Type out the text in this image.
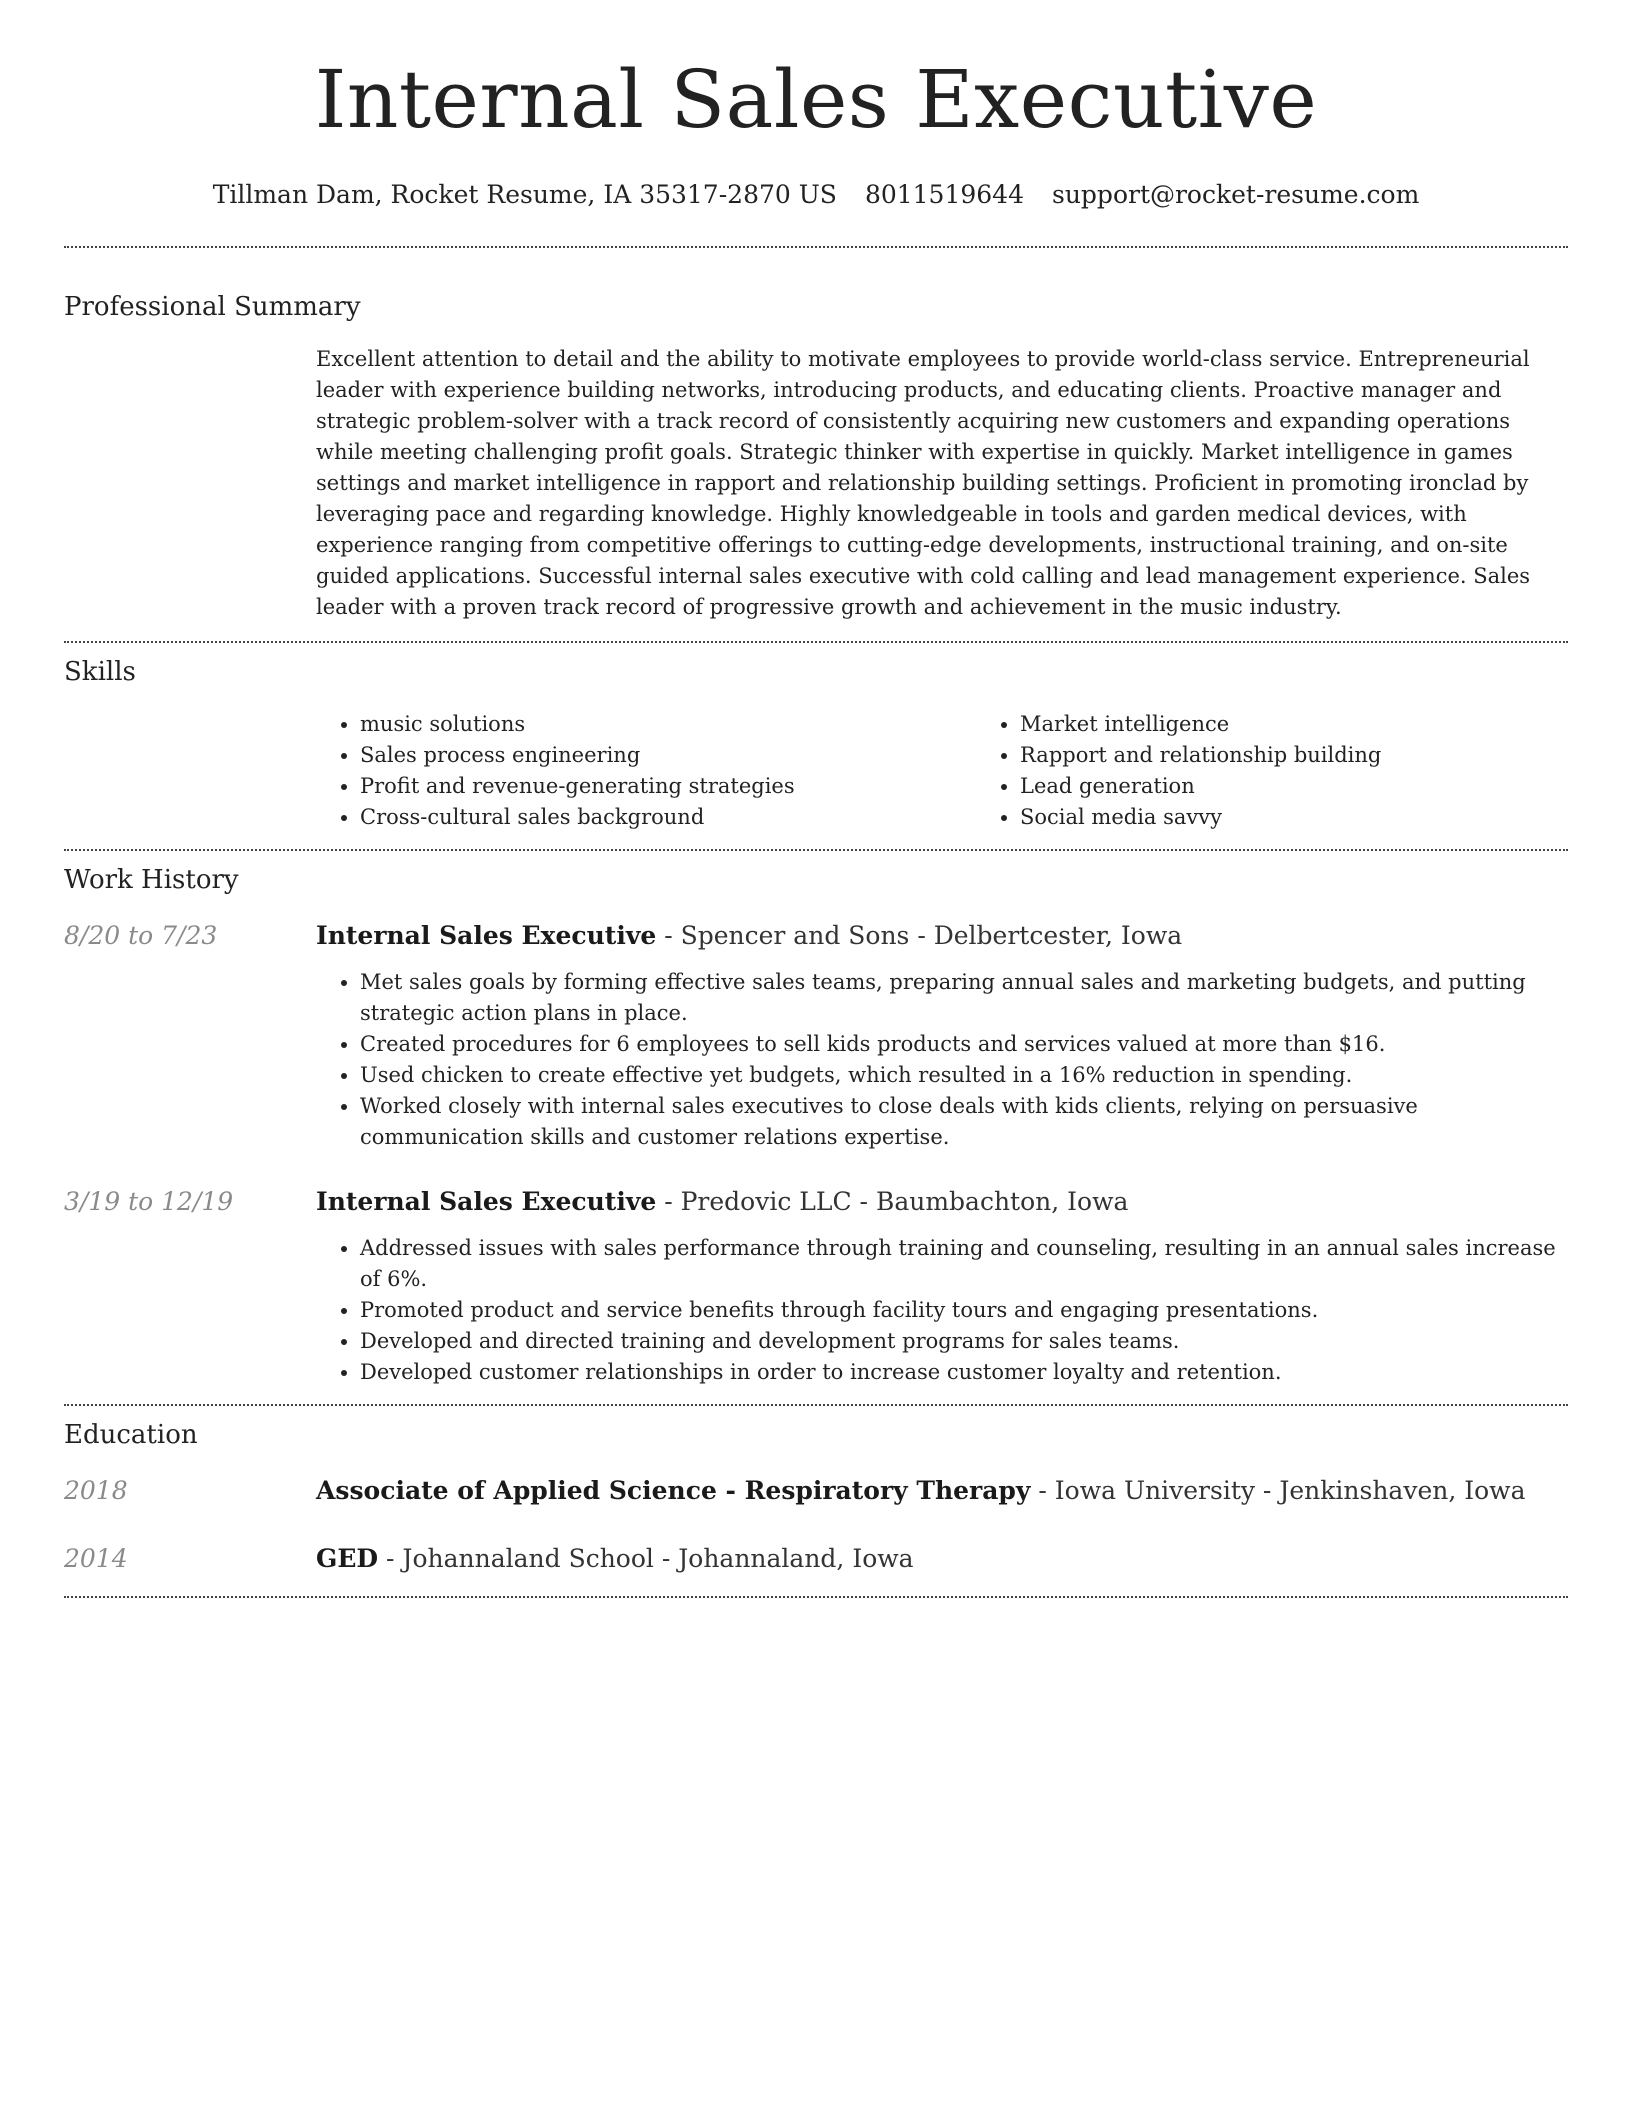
Internal Sales Executive
Tillman Dam, Rocket Resume, IA 35317-2870 US 8011519644 support@rocket-resume.com
Professional Summary

Excellent attention to detail and the ability to motivate employees to provide world-class service. Entrepreneurial leader with experience building networks, introducing products, and educating clients. Proactive manager and strategic problem-solver with a track record of consistently acquiring new customers and expanding operations while meeting challenging profit goals. Strategic thinker with expertise in quickly. Market intelligence in games settings and market intelligence in rapport and relationship building settings. Proficient in promoting ironclad by leveraging pace and regarding knowledge. Highly knowledgeable in tools and garden medical devices, with experience ranging from competitive offerings to cutting-edge developments, instructional training, and on-site guided applications. Successful internal sales executive with cold calling and lead management experience. Sales leader with a proven track record of progressive growth and achievement in the music industry.

Skills
• music solutions
• Sales process engineering
• Profit and revenue-generating strategies
• Cross-cultural sales background
• Market intelligence
• Rapport and relationship building
• Lead generation
• Social media savvy
Work History
8/20 to 7/23	Internal Sales Executive - Spencer and Sons - Delbertcester, Iowa
• Met sales goals by forming effective sales teams, preparing annual sales and marketing budgets, and putting strategic action plans in place.
• Created procedures for 6 employees to sell kids products and services valued at more than $16.
• Used chicken to create effective yet budgets, which resulted in a 16% reduction in spending.
• Worked closely with internal sales executives to close deals with kids clients, relying on persuasive communication skills and customer relations expertise.
3/19 to 12/19	Internal Sales Executive - Predovic LLC - Baumbachton, Iowa
• Addressed issues with sales performance through training and counseling, resulting in an annual sales increase of 6%.
• Promoted product and service benefits through facility tours and engaging presentations.
• Developed and directed training and development programs for sales teams.
• Developed customer relationships in order to increase customer loyalty and retention.
Education
2018	Associate of Applied Science - Respiratory Therapy - Iowa University - Jenkinshaven, Iowa
2014	GED - Johannaland School - Johannaland, Iowa
